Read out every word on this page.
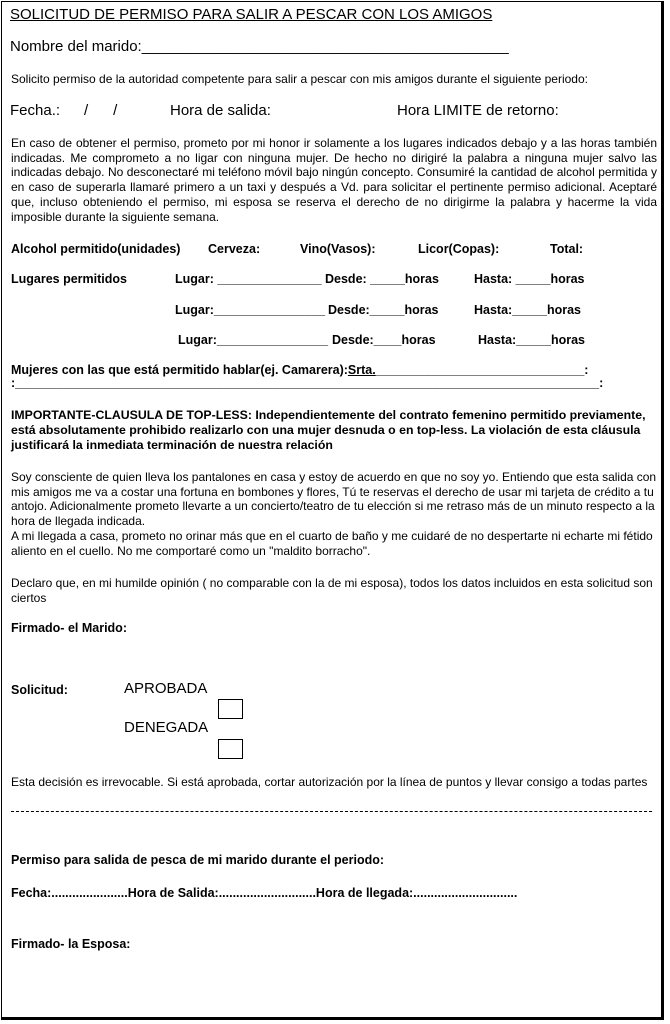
SOLICITUD DE PERMISO PARA SALIR A PESCAR CON LOS AMIGOS
Nombre del marido:____________________________________________
Solicito permiso de la autoridad competente para salir a pescar con mis amigos durante el siguiente periodo:
Fecha.: /      /	Hora de salida:	Hora LIMITE de retorno:
En caso de obtener el permiso, prometo por mi honor ir solamente a los lugares indicados debajo y a las horas también indicadas. Me comprometo a no ligar con ninguna mujer. De hecho no dirigiré la palabra a ninguna mujer salvo las indicadas debajo. No desconectaré mi teléfono móvil bajo ningún concepto. Consumiré la cantidad de alcohol permitida y en caso de superarla llamaré primero a un taxi y después a Vd. para solicitar el pertinente permiso adicional. Aceptaré que, incluso obteniendo el permiso, mi esposa se reserva el derecho de no dirigirme la palabra y hacerme la vida imposible durante la siguiente semana.
Alcohol permitido(unidades) Cerveza:	Vino(Vasos):	Licor(Copas):	Total:
Lugares permitidos	Lugar: _______________ Desde: _____horas	Hasta: _____horas
Lugar:________________ Desde:_____horas	Hasta:_____horas
Lugar:________________ Desde:____horas	Hasta:_____horas
Mujeres con las que está permitido hablar(ej. Camarera):Srta.______________________________:
:____________________________________________________________________________________:
IMPORTANTE-CLAUSULA DE TOP-LESS: Independientemente del contrato femenino permitido previamente, está absolutamente prohibido realizarlo con una mujer desnuda o en top-less. La violación de esta cláusula justificará la inmediata terminación de nuestra relación
Soy consciente de quien lleva los pantalones en casa y estoy de acuerdo en que no soy yo. Entiendo que esta salida con mis amigos me va a costar una fortuna en bombones y flores, Tú te reservas el derecho de usar mi tarjeta de crédito a tu antojo. Adicionalmente prometo llevarte a un concierto/teatro de tu elección si me retraso más de un minuto respecto a la hora de llegada indicada.
A mi llegada a casa, prometo no orinar más que en el cuarto de baño y me cuidaré de no despertarte ni echarte mi fétido aliento en el cuello. No me comportaré como un "maldito borracho".
Declaro que, en mi humilde opinión ( no comparable con la de mi esposa), todos los datos incluidos en esta solicitud son ciertos
Firmado- el Marido:
Solicitud:	APROBADA
DENEGADA
Esta decisión es irrevocable. Si está aprobada, cortar autorización por la línea de puntos y llevar consigo a todas partes
Permiso para salida de pesca de mi marido durante el periodo:
Fecha:......................Hora de Salida:............................Hora de llegada:..............................
Firmado- la Esposa:
